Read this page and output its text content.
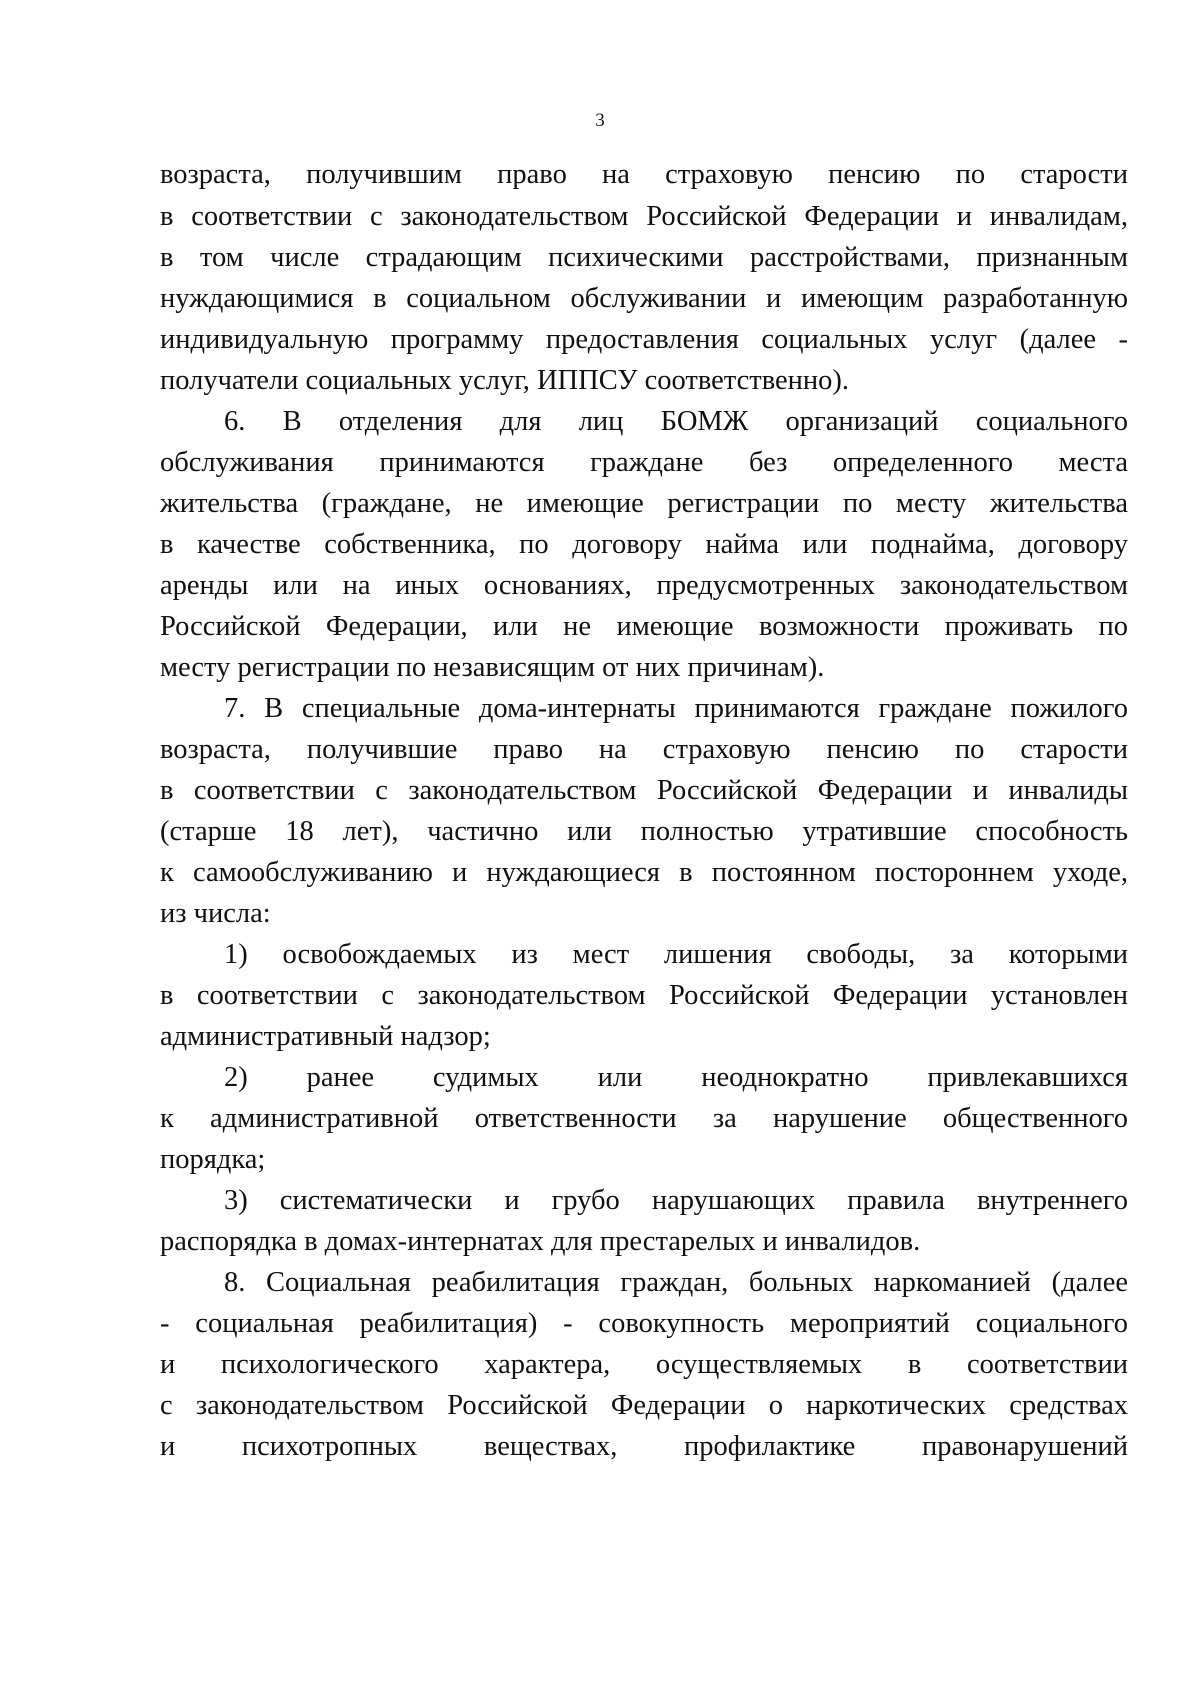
3
возраста, получившим право на страховую пенсию по старости
в соответствии с законодательством Российской Федерации и инвалидам,
в том числе страдающим психическими расстройствами, признанным
нуждающимися в социальном обслуживании и имеющим разработанную
индивидуальную программу предоставления социальных услуг (далее -
получатели социальных услуг, ИППСУ соответственно).
6. В отделения для лиц БОМЖ организаций социального
обслуживания принимаются граждане без определенного места
жительства (граждане, не имеющие регистрации по месту жительства
в качестве собственника, по договору найма или поднайма, договору
аренды или на иных основаниях, предусмотренных законодательством
Российской Федерации, или не имеющие возможности проживать по
месту регистрации по независящим от них причинам).
7. В специальные дома-интернаты принимаются граждане пожилого
возраста, получившие право на страховую пенсию по старости
в соответствии с законодательством Российской Федерации и инвалиды
(старше 18 лет), частично или полностью утратившие способность
к самообслуживанию и нуждающиеся в постоянном постороннем уходе,
из числа:
1) освобождаемых из мест лишения свободы, за которыми
в соответствии с законодательством Российской Федерации установлен
административный надзор;
2) ранее судимых или неоднократно привлекавшихся
к административной ответственности за нарушение общественного
порядка;
3) систематически и грубо нарушающих правила внутреннего
распорядка в домах-интернатах для престарелых и инвалидов.
8. Социальная реабилитация граждан, больных наркоманией (далее
- социальная реабилитация) - совокупность мероприятий социального
и психологического характера, осуществляемых в соответствии
с законодательством Российской Федерации о наркотических средствах
и психотропных веществах, профилактике правонарушений
